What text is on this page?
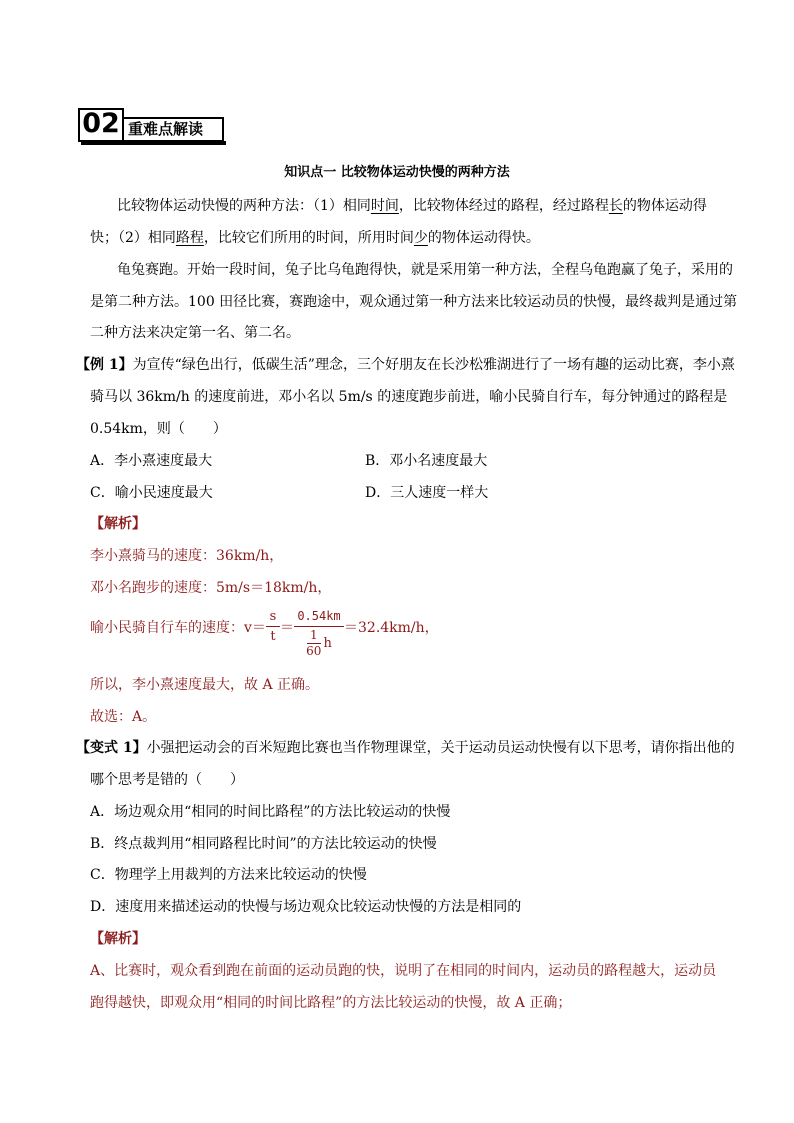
02 重难点解读
知识点一 比较物体运动快慢的两种方法
比较物体运动快慢的两种方法：（1）相同时间，比较物体经过的路程，经过路程长的物体运动得
快；（2）相同路程，比较它们所用的时间，所用时间少的物体运动得快。
龟兔赛跑。开始一段时间，兔子比乌龟跑得快，就是采用第一种方法，全程乌龟跑赢了兔子，采用的
是第二种方法。100 田径比赛，赛跑途中，观众通过第一种方法来比较运动员的快慢，最终裁判是通过第
二种方法来决定第一名、第二名。
【例 1】为宣传“绿色出行，低碳生活”理念，三个好朋友在长沙松雅湖进行了一场有趣的运动比赛，李小熹
骑马以 36km/h 的速度前进，邓小名以 5m/s 的速度跑步前进，喻小民骑自行车，每分钟通过的路程是
0.54km，则（　　）
A．李小熹速度最大	B．邓小名速度最大
C．喻小民速度最大	D．三人速度一样大
【解析】
李小熹骑马的速度：36km/h，
邓小名跑步的速度：5m/s＝18km/h，
喻小民骑自行车的速度：v＝
s
t
＝
0.54km
1
60 h
＝32.4km/h，
所以，李小熹速度最大，故 A 正确。
故选：A。
【变式 1】小强把运动会的百米短跑比赛也当作物理课堂，关于运动员运动快慢有以下思考，请你指出他的
哪个思考是错的（　　）
A．场边观众用“相同的时间比路程”的方法比较运动的快慢
B．终点裁判用“相同路程比时间”的方法比较运动的快慢
C．物理学上用裁判的方法来比较运动的快慢
D．速度用来描述运动的快慢与场边观众比较运动快慢的方法是相同的
【解析】
A、比赛时，观众看到跑在前面的运动员跑的快，说明了在相同的时间内，运动员的路程越大，运动员
跑得越快，即观众用“相同的时间比路程”的方法比较运动的快慢，故 A 正确；
